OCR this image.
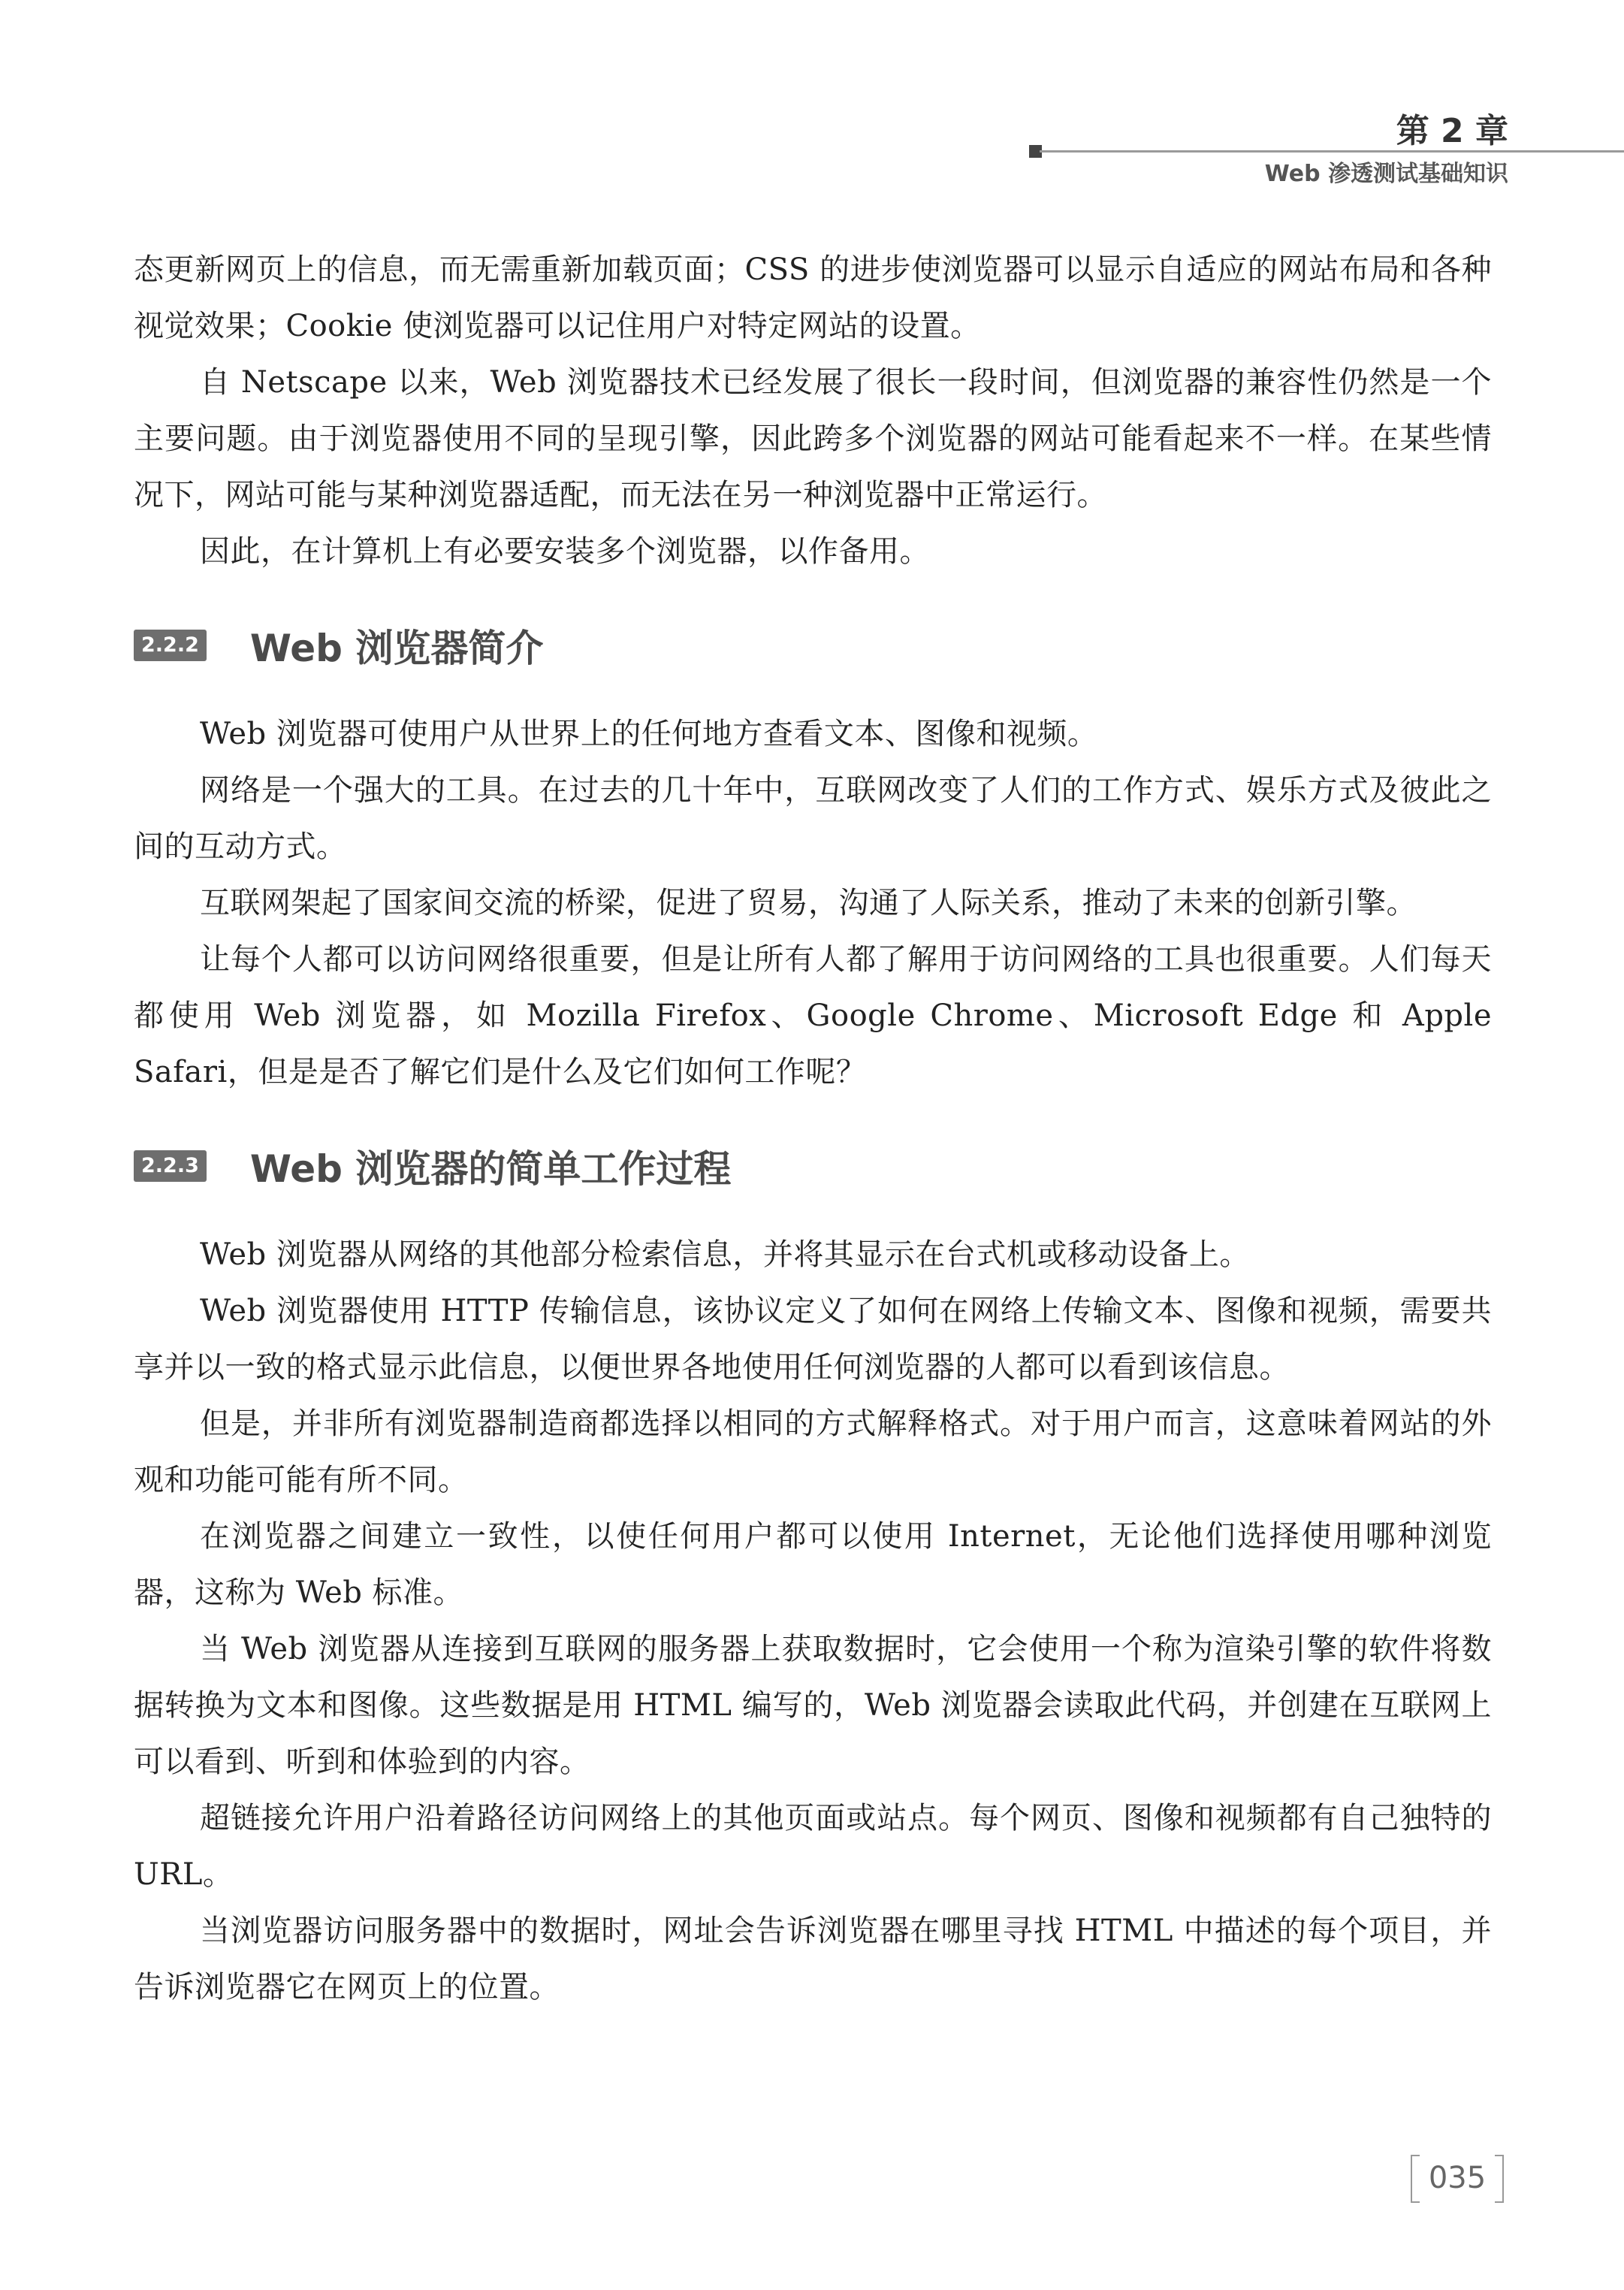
第 2 章
Web 渗透测试基础知识

态更新网页上的信息，而无需重新加载页面；CSS 的进步使浏览器可以显示自适应的网站布局和各种视觉效果；Cookie 使浏览器可以记住用户对特定网站的设置。

自 Netscape 以来，Web 浏览器技术已经发展了很长一段时间，但浏览器的兼容性仍然是一个主要问题。由于浏览器使用不同的呈现引擎，因此跨多个浏览器的网站可能看起来不一样。在某些情况下，网站可能与某种浏览器适配，而无法在另一种浏览器中正常运行。

因此，在计算机上有必要安装多个浏览器，以作备用。

2.2.2 Web 浏览器简介

Web 浏览器可使用户从世界上的任何地方查看文本、图像和视频。

网络是一个强大的工具。在过去的几十年中，互联网改变了人们的工作方式、娱乐方式及彼此之间的互动方式。

互联网架起了国家间交流的桥梁，促进了贸易，沟通了人际关系，推动了未来的创新引擎。

让每个人都可以访问网络很重要，但是让所有人都了解用于访问网络的工具也很重要。人们每天都使用 Web 浏览器，如 Mozilla Firefox、Google Chrome、Microsoft Edge 和 Apple Safari，但是是否了解它们是什么及它们如何工作呢？

2.2.3 Web 浏览器的简单工作过程

Web 浏览器从网络的其他部分检索信息，并将其显示在台式机或移动设备上。

Web 浏览器使用 HTTP 传输信息，该协议定义了如何在网络上传输文本、图像和视频，需要共享并以一致的格式显示此信息，以便世界各地使用任何浏览器的人都可以看到该信息。

但是，并非所有浏览器制造商都选择以相同的方式解释格式。对于用户而言，这意味着网站的外观和功能可能有所不同。

在浏览器之间建立一致性，以使任何用户都可以使用 Internet，无论他们选择使用哪种浏览器，这称为 Web 标准。

当 Web 浏览器从连接到互联网的服务器上获取数据时，它会使用一个称为渲染引擎的软件将数据转换为文本和图像。这些数据是用 HTML 编写的，Web 浏览器会读取此代码，并创建在互联网上可以看到、听到和体验到的内容。

超链接允许用户沿着路径访问网络上的其他页面或站点。每个网页、图像和视频都有自己独特的 URL。

当浏览器访问服务器中的数据时，网址会告诉浏览器在哪里寻找 HTML 中描述的每个项目，并告诉浏览器它在网页上的位置。

035
